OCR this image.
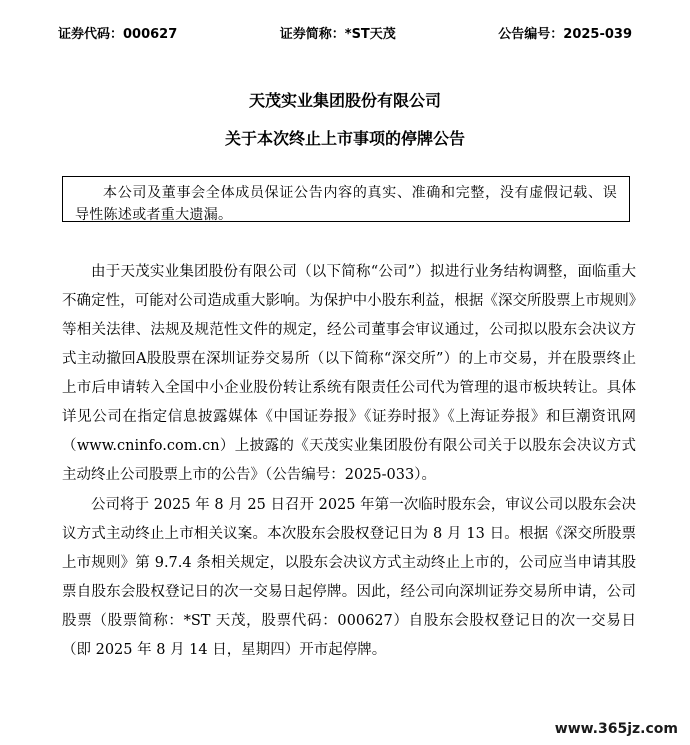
证券代码：000627	证券简称：*ST天茂	公告编号：2025-039
天茂实业集团股份有限公司
关于本次终止上市事项的停牌公告
本公司及董事会全体成员保证公告内容的真实、准确和完整，没有虚假记载、误导性陈述或者重大遗漏。

由于天茂实业集团股份有限公司（以下简称“公司”）拟进行业务结构调整，面临重大不确定性，可能对公司造成重大影响。为保护中小股东利益，根据《深交所股票上市规则》等相关法律、法规及规范性文件的规定，经公司董事会审议通过，公司拟以股东会决议方式主动撤回A股股票在深圳证券交易所（以下简称“深交所”）的上市交易，并在股票终止上市后申请转入全国中小企业股份转让系统有限责任公司代为管理的退市板块转让。具体详见公司在指定信息披露媒体《中国证券报》《证券时报》《上海证券报》和巨潮资讯网（www.cninfo.com.cn）上披露的《天茂实业集团股份有限公司关于以股东会决议方式主动终止公司股票上市的公告》（公告编号：2025-033）。

公司将于 2025 年 8 月 25 日召开 2025 年第一次临时股东会，审议公司以股东会决议方式主动终止上市相关议案。本次股东会股权登记日为 8 月 13 日。根据《深交所股票上市规则》第 9.7.4 条相关规定，以股东会决议方式主动终止上市的，公司应当申请其股票自股东会股权登记日的次一交易日起停牌。因此，经公司向深圳证券交易所申请，公司股票（股票简称：*ST 天茂，股票代码：000627）自股东会股权登记日的次一交易日（即 2025 年 8 月 14 日，星期四）开市起停牌。

www.365jz.com
